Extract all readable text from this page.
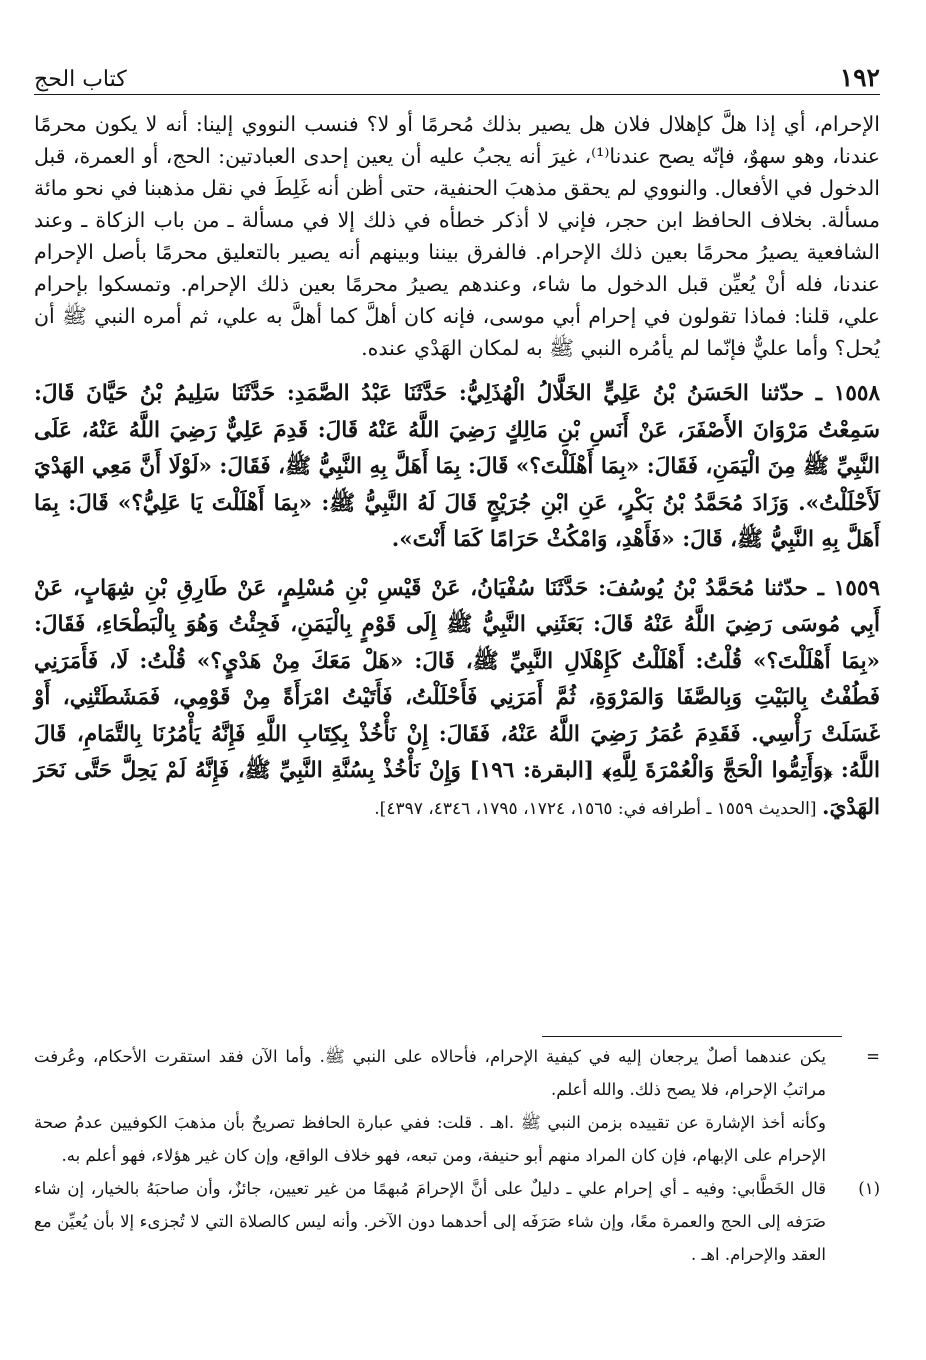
١٩٢
كتاب الحج

الإحرام، أي إذا هلَّ كإهلال فلان هل يصير بذلك مُحرمًا أو لا؟ فنسب النووي إلينا: أنه لا يكون محرمًا عندنا، وهو سهوٌ، فإنّه يصح عندنا⁽¹⁾، غيرَ أنه يجبُ عليه أن يعين إحدى العبادتين: الحج، أو العمرة، قبل الدخول في الأفعال. والنووي لم يحقق مذهبَ الحنفية، حتى أظن أنه غَلِطَ في نقل مذهبنا في نحو مائة مسألة. بخلاف الحافظ ابن حجر، فإني لا أذكر خطأه في ذلك إلا في مسألة ـ من باب الزكاة ـ وعند الشافعية يصيرُ محرمًا بعين ذلك الإحرام. فالفرق بيننا وبينهم أنه يصير بالتعليق محرمًا بأصل الإحرام عندنا، فله أنْ يُعيِّن قبل الدخول ما شاء، وعندهم يصيرُ محرمًا بعين ذلك الإحرام. وتمسكوا بإحرام علي، قلنا: فماذا تقولون في إحرام أبي موسى، فإنه كان أهلَّ كما أهلَّ به علي، ثم أمره النبي ﷺ أن يُحل؟ وأما عليٌّ فإنّما لم يأمُره النبي ﷺ به لمكان الهَدْي عنده.

١٥٥٨ ـ حدّثنا الحَسَنُ بْنُ عَلِيٍّ الخَلَّالُ الْهُذَلِيُّ: حَدَّثَنَا عَبْدُ الصَّمَدِ: حَدَّثَنَا سَلِيمُ بْنُ حَيَّانَ قَالَ: سَمِعْتُ مَرْوَانَ الأَصْفَرَ، عَنْ أَنَسِ بْنِ مَالِكٍ رَضِيَ اللَّهُ عَنْهُ قَالَ: قَدِمَ عَلِيٌّ رَضِيَ اللَّهُ عَنْهُ، عَلَى النَّبِيِّ ﷺ مِنَ الْيَمَنِ، فَقَالَ: «بِمَا أَهْلَلْتَ؟» قَالَ: بِمَا أَهَلَّ بِهِ النَّبِيُّ ﷺ، فَقَالَ: «لَوْلَا أَنَّ مَعِي الهَدْيَ لَأَحْلَلْتُ». وَزَادَ مُحَمَّدُ بْنُ بَكْرٍ، عَنِ ابْنِ جُرَيْجٍ قَالَ لَهُ النَّبِيُّ ﷺ: «بِمَا أَهْلَلْتَ يَا عَلِيُّ؟» قَالَ: بِمَا أَهَلَّ بِهِ النَّبِيُّ ﷺ، قَالَ: «فَأَهْدِ، وَامْكُثْ حَرَامًا كَمَا أَنْتَ».

١٥٥٩ ـ حدّثنا مُحَمَّدُ بْنُ يُوسُفَ: حَدَّثَنَا سُفْيَانُ، عَنْ قَيْسِ بْنِ مُسْلِمٍ، عَنْ طَارِقِ بْنِ شِهَابٍ، عَنْ أَبِي مُوسَى رَضِيَ اللَّهُ عَنْهُ قَالَ: بَعَثَنِي النَّبِيُّ ﷺ إِلَى قَوْمٍ بِالْيَمَنِ، فَجِئْتُ وَهُوَ بِالْبَطْحَاءِ، فَقَالَ: «بِمَا أَهْلَلْتَ؟» قُلْتُ: أَهْلَلْتُ كَإِهْلَالِ النَّبِيِّ ﷺ، قَالَ: «هَلْ مَعَكَ مِنْ هَدْيٍ؟» قُلْتُ: لَا، فَأَمَرَنِي فَطُفْتُ بِالبَيْتِ وَبِالصَّفَا وَالمَرْوَةِ، ثُمَّ أَمَرَنِي فَأَحْلَلْتُ، فَأَتَيْتُ امْرَأَةً مِنْ قَوْمِي، فَمَشَطَتْنِي، أَوْ غَسَلَتْ رَأْسِي. فَقَدِمَ عُمَرُ رَضِيَ اللَّهُ عَنْهُ، فَقَالَ: إِنْ نَأْخُذْ بِكِتَابِ اللَّهِ فَإِنَّهُ يَأْمُرُنَا بِالتَّمَامِ، قَالَ اللَّهُ: ﴿وَأَتِمُّوا الْحَجَّ وَالْعُمْرَةَ لِلَّهِ﴾ [البقرة: ١٩٦] وَإِنْ نَأْخُذْ بِسُنَّةِ النَّبِيِّ ﷺ، فَإِنَّهُ لَمْ يَحِلَّ حَتَّى نَحَرَ الهَدْيَ. [الحديث ١٥٥٩ ـ أطرافه في: ١٥٦٥، ١٧٢٤، ١٧٩٥، ٤٣٤٦، ٤٣٩٧].

=
يكن عندهما أصلٌ يرجعان إليه في كيفية الإحرام، فأحالاه على النبي ﷺ. وأما الآن فقد استقرت الأحكام، وعُرفت مراتبُ الإحرام، فلا يصح ذلك. والله أعلم.
وكأنه أخذ الإشارة عن تقييده بزمن النبي ﷺ .اهـ . قلت: ففي عبارة الحافظ تصريحٌ بأن مذهبَ الكوفيين عدمُ صحة الإحرام على الإبهام، فإن كان المراد منهم أبو حنيفة، ومن تبعه، فهو خلاف الواقع، وإن كان غير هؤلاء، فهو أعلم به.
(١)
قال الخَطَّابي: وفيه ـ أي إحرام علي ـ دليلٌ على أنَّ الإحرامَ مُبهمًا من غير تعيين، جائزٌ، وأن صاحبَهُ بالخيار، إن شاء صَرَفه إلى الحج والعمرة معًا، وإن شاء صَرَفَه إلى أحدهما دون الآخر. وأنه ليس كالصلاة التي لا تُجزىء إلا بأن يُعيِّن مع العقد والإحرام. اهـ .
